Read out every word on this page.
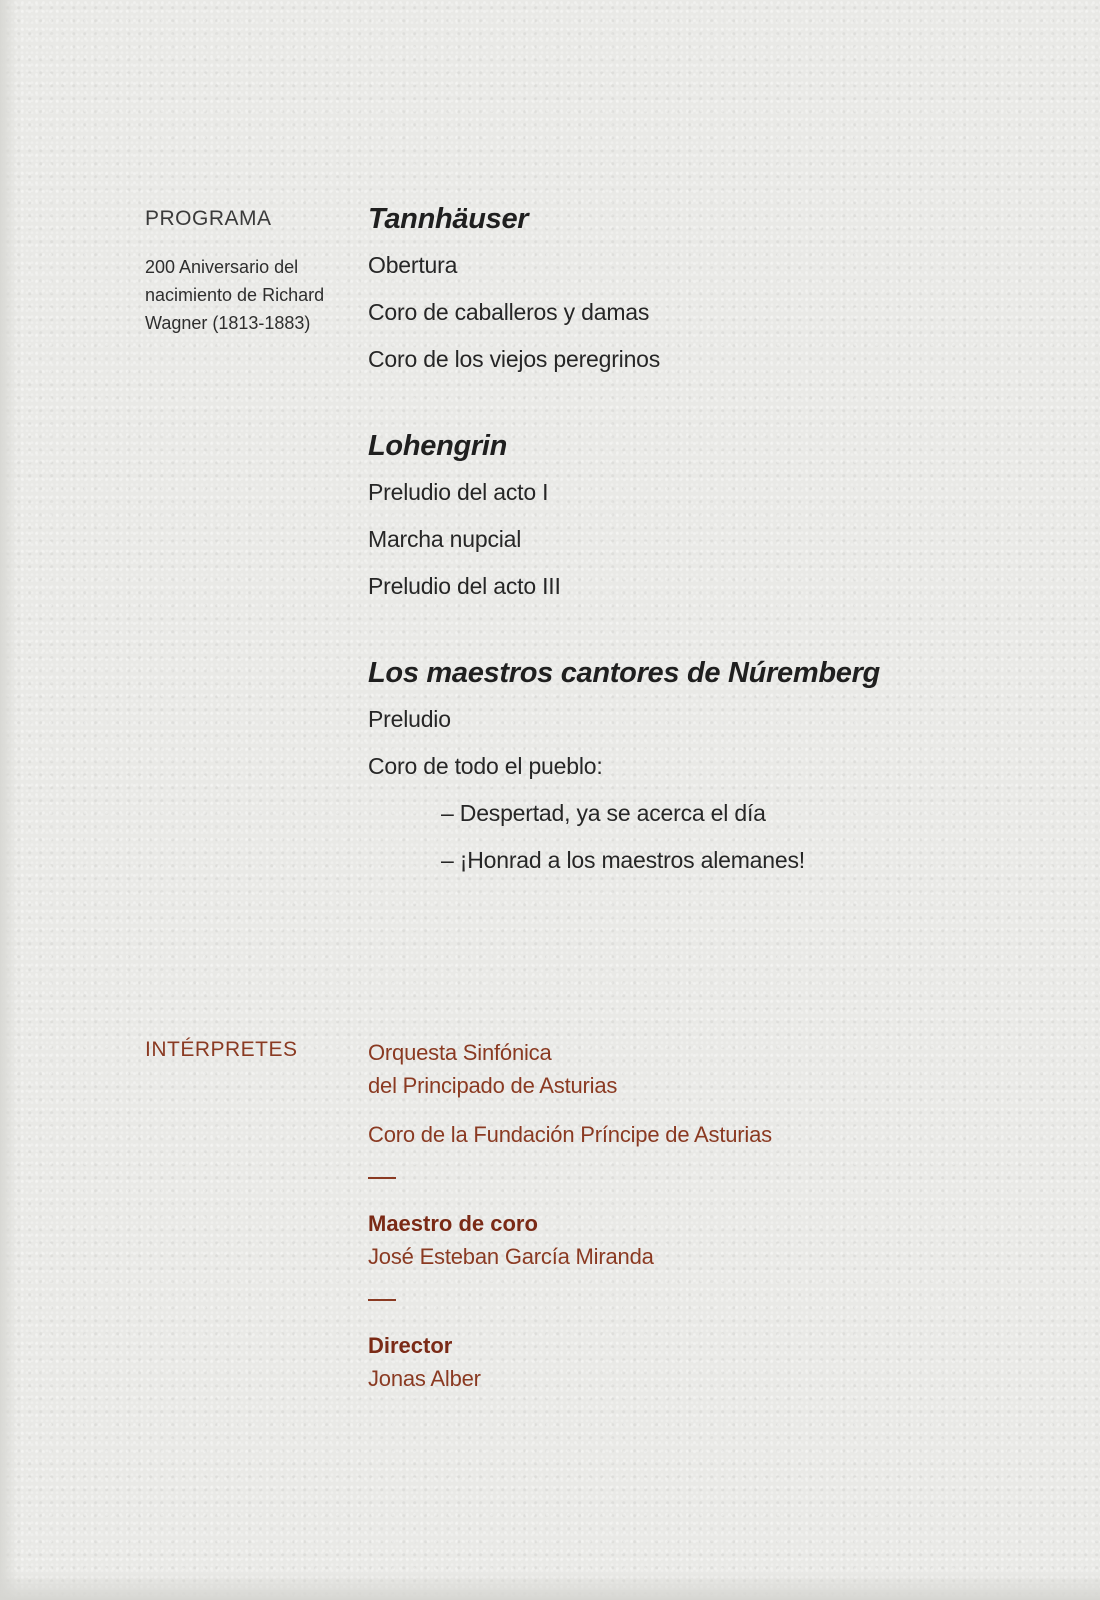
PROGRAMA
200 Aniversario del nacimiento de Richard Wagner (1813-1883)
Tannhäuser
Obertura
Coro de caballeros y damas
Coro de los viejos peregrinos
Lohengrin
Preludio del acto I
Marcha nupcial
Preludio del acto III
Los maestros cantores de Núremberg
Preludio
Coro de todo el pueblo:
– Despertad, ya se acerca el día
– ¡Honrad a los maestros alemanes!
INTÉRPRETES	Orquesta Sinfónica
del Principado de Asturias
Coro de la Fundación Príncipe de Asturias
Maestro de coro
José Esteban García Miranda
Director
Jonas Alber
